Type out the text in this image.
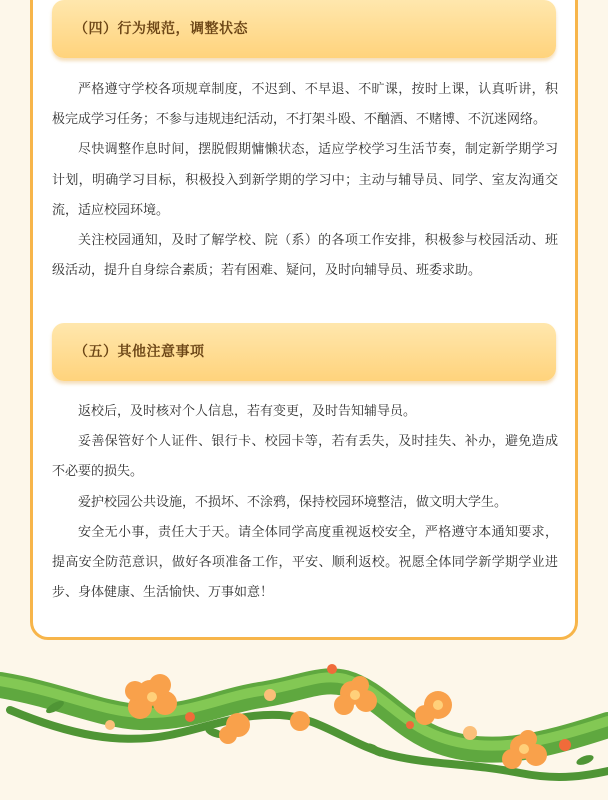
（四）行为规范，调整状态

严格遵守学校各项规章制度，不迟到、不早退、不旷课，按时上课，认真听讲，积极完成学习任务；不参与违规违纪活动，不打架斗殴、不酗酒、不赌博、不沉迷网络。

尽快调整作息时间，摆脱假期慵懒状态，适应学校学习生活节奏，制定新学期学习计划，明确学习目标，积极投入到新学期的学习中；主动与辅导员、同学、室友沟通交流，适应校园环境。

关注校园通知，及时了解学校、院（系）的各项工作安排，积极参与校园活动、班级活动，提升自身综合素质；若有困难、疑问，及时向辅导员、班委求助。

（五）其他注意事项

返校后，及时核对个人信息，若有变更，及时告知辅导员。

妥善保管好个人证件、银行卡、校园卡等，若有丢失，及时挂失、补办，避免造成不必要的损失。

爱护校园公共设施，不损坏、不涂鸦，保持校园环境整洁，做文明大学生。

安全无小事，责任大于天。请全体同学高度重视返校安全，严格遵守本通知要求，提高安全防范意识，做好各项准备工作，平安、顺利返校。祝愿全体同学新学期学业进步、身体健康、生活愉快、万事如意！
